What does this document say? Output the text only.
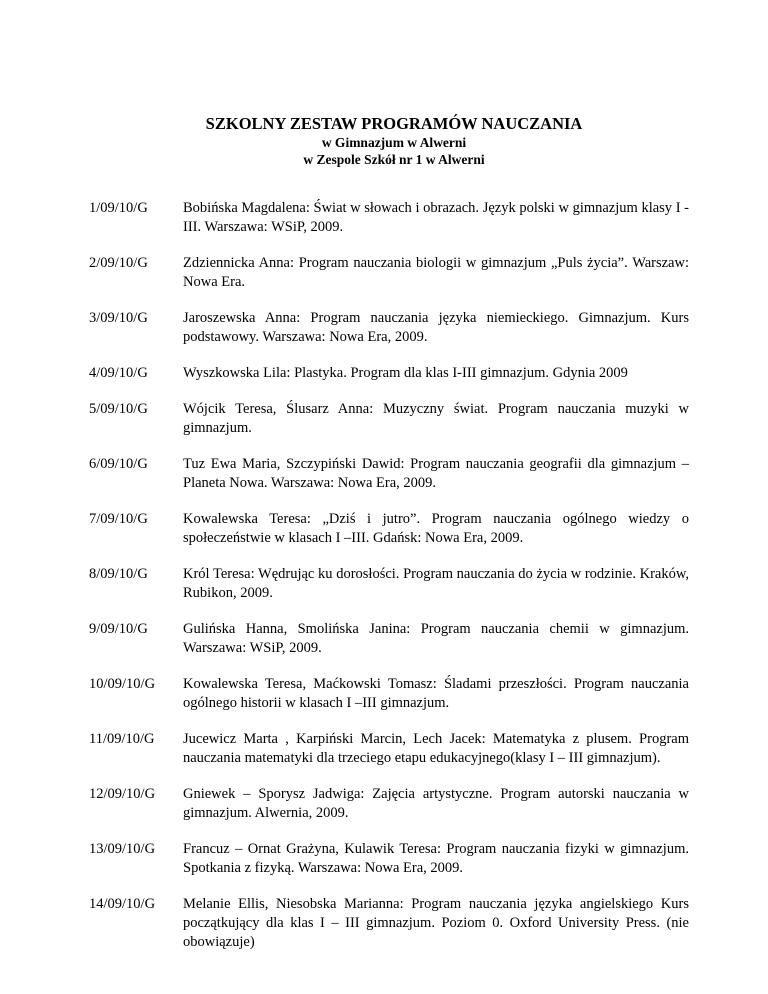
SZKOLNY ZESTAW PROGRAMÓW NAUCZANIA
w Gimnazjum w Alwerni
w Zespole Szkół nr 1 w Alwerni
1/09/10/G	Bobińska Magdalena: Świat w słowach i obrazach. Język polski w gimnazjum klasy I -III. Warszawa: WSiP, 2009.
2/09/10/G	Zdziennicka Anna: Program nauczania biologii w gimnazjum „Puls życia”. Warszaw: Nowa Era.
3/09/10/G	Jaroszewska Anna: Program nauczania języka niemieckiego. Gimnazjum. Kurs podstawowy. Warszawa: Nowa Era, 2009.
4/09/10/G	Wyszkowska Lila: Plastyka. Program dla klas I-III gimnazjum. Gdynia 2009
5/09/10/G	Wójcik Teresa, Ślusarz Anna: Muzyczny świat. Program nauczania muzyki w gimnazjum.
6/09/10/G	Tuz Ewa Maria, Szczypiński Dawid: Program nauczania geografii dla gimnazjum – Planeta Nowa. Warszawa: Nowa Era, 2009.
7/09/10/G	Kowalewska Teresa: „Dziś i jutro”. Program nauczania ogólnego wiedzy o społeczeństwie w klasach I –III. Gdańsk: Nowa Era, 2009.
8/09/10/G	Król Teresa: Wędrując ku dorosłości. Program nauczania do życia w rodzinie. Kraków, Rubikon, 2009.
9/09/10/G	Gulińska Hanna, Smolińska Janina: Program nauczania chemii w gimnazjum. Warszawa: WSiP, 2009.
10/09/10/G	Kowalewska Teresa, Maćkowski Tomasz: Śladami przeszłości. Program nauczania ogólnego historii w klasach I –III gimnazjum.
11/09/10/G	Jucewicz Marta , Karpiński Marcin, Lech Jacek: Matematyka z plusem. Program nauczania matematyki dla trzeciego etapu edukacyjnego(klasy I – III gimnazjum).
12/09/10/G	Gniewek – Sporysz Jadwiga: Zajęcia artystyczne. Program autorski nauczania w gimnazjum. Alwernia, 2009.
13/09/10/G	Francuz – Ornat Grażyna, Kulawik Teresa: Program nauczania fizyki w gimnazjum. Spotkania z fizyką. Warszawa: Nowa Era, 2009.
14/09/10/G	Melanie Ellis, Niesobska Marianna: Program nauczania języka angielskiego Kurs początkujący dla klas I – III gimnazjum. Poziom 0. Oxford University Press. (nie obowiązuje)
